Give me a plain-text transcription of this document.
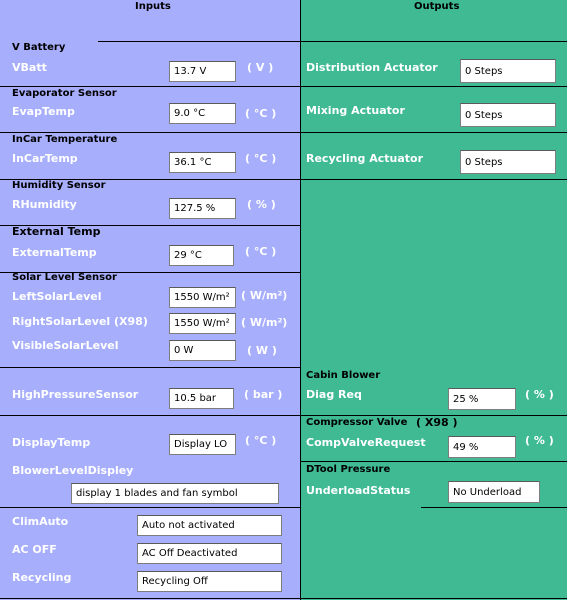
Inputs	Outputs
V Battery
VBatt	13.7 V	( V )
Evaporator Sensor
EvapTemp	9.0 °C	( °C )
InCar Temperature
InCarTemp	36.1 °C	( °C )
Humidity Sensor
RHumidity	127.5 %	( % )
External Temp
ExternalTemp	29 °C	( °C )
Solar Level Sensor
LeftSolarLevel	1550 W/m²	( W/m²)
RightSolarLevel (X98)	1550 W/m²	( W/m²)
VisibleSolarLevel	0 W	( W )
HighPressureSensor	10.5 bar	( bar )
DisplayTemp	Display LO	( °C )
BlowerLevelDispley
display 1 blades and fan symbol
ClimAuto	Auto not activated
AC OFF	AC Off Deactivated
Recycling	Recycling Off
Distribution Actuator	0 Steps
Mixing Actuator	0 Steps
Recycling Actuator	0 Steps
Cabin Blower
Diag Req	25 %	( % )
Compressor Valve ( X98 )
CompValveRequest	49 %	( % )
DTool Pressure
UnderloadStatus	No Underload
